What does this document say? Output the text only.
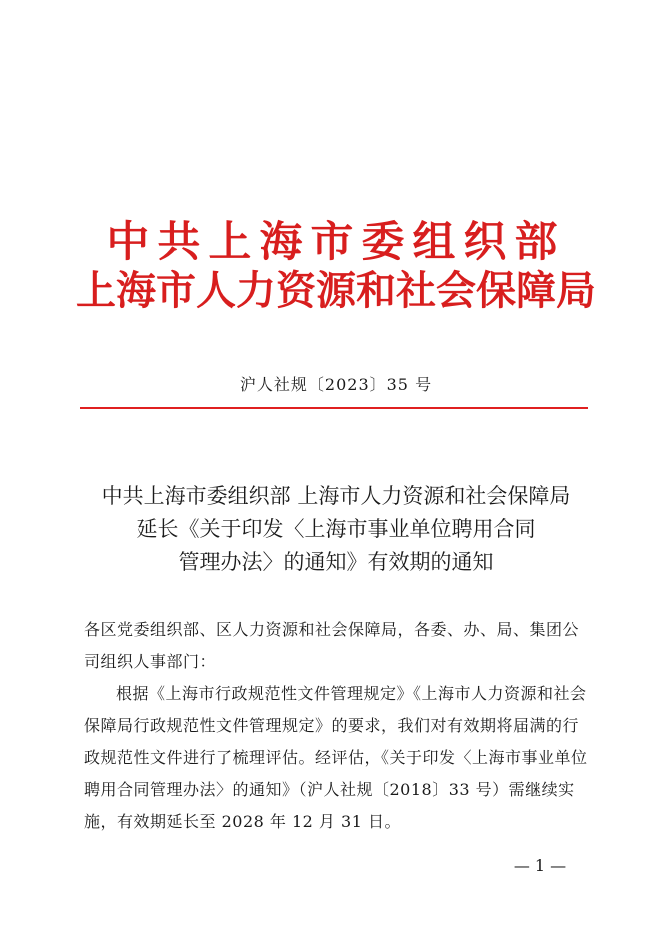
中共上海市委组织部
上海市人力资源和社会保障局
沪人社规〔2023〕35 号
中共上海市委组织部 上海市人力资源和社会保障局
延长《关于印发〈上海市事业单位聘用合同
管理办法〉的通知》有效期的通知

各区党委组织部、区人力资源和社会保障局，各委、办、局、集团公司组织人事部门：

根据《上海市行政规范性文件管理规定》《上海市人力资源和社会保障局行政规范性文件管理规定》的要求，我们对有效期将届满的行政规范性文件进行了梳理评估。经评估，《关于印发〈上海市事业单位聘用合同管理办法〉的通知》（沪人社规〔2018〕33 号）需继续实施，有效期延长至 2028 年 12 月 31 日。

— 1 —
